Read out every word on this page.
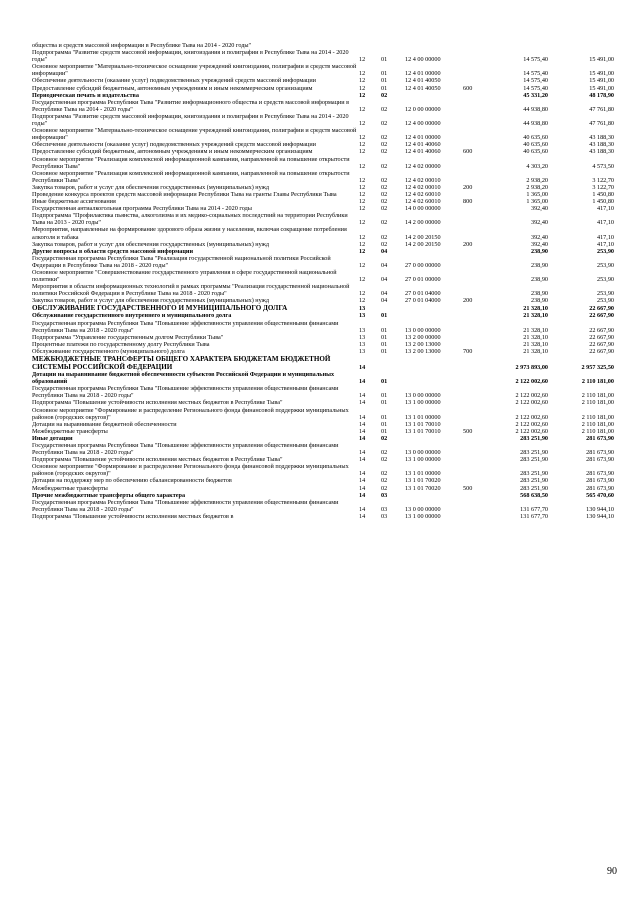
общества и средств массовой информации в Республике Тыва на 2014 - 2020 годы"						
Подпрограмма "Развитие средств массовой информации, книгоиздания и полиграфии в Республике Тыва на 2014 - 2020 годы"	12	01	12 4 00 00000		14 575,40	15 491,00
Основное мероприятие "Материально-техническое оснащение учреждений книгоиздания, полиграфии и средств массовой информации"	12	01	12 4 01 00000		14 575,40	15 491,00
Обеспечение деятельности (оказание услуг) подведомственных учреждений средств массовой информации	12	01	12 4 01 40050		14 575,40	15 491,00
Предоставление субсидий бюджетным, автономным учреждениям и иным некоммерческим организациям	12	01	12 4 01 40050	600	14 575,40	15 491,00
Периодическая печать и издательства	12	02			45 331,20	48 178,90
Государственная программа Республики Тыва "Развитие информационного общества и средств массовой информации в Республике Тыва на 2014 - 2020 годы"	12	02	12 0 00 00000		44 938,80	47 761,80
Подпрограмма "Развитие средств массовой информации, книгоиздания и полиграфии в Республике Тыва на 2014 - 2020 годы"	12	02	12 4 00 00000		44 938,80	47 761,80
Основное мероприятие "Материально-техническое оснащение учреждений книгоиздания, полиграфии и средств массовой информации"	12	02	12 4 01 00000		40 635,60	43 188,30
Обеспечение деятельности (оказание услуг) подведомственных учреждений средств массовой информации	12	02	12 4 01 40060		40 635,60	43 188,30
Предоставление субсидий бюджетным, автономным учреждениям и иным некоммерческим организациям	12	02	12 4 01 40060	600	40 635,60	43 188,30
Основное мероприятие "Реализация комплексной информационной кампании, направленной на повышение открытости Республики Тыва"	12	02	12 4 02 00000		4 303,20	4 573,50
Основное мероприятие "Реализация комплексной информационной кампании, направленной на повышение открытости Республики Тыва"	12	02	12 4 02 00010		2 938,20	3 122,70
Закупка товаров, работ и услуг для обеспечения государственных (муниципальных) нужд	12	02	12 4 02 00010	200	2 938,20	3 122,70
Проведение конкурса проектов средств массовой информации Республики Тыва на гранты Главы Республики Тыва	12	02	12 4 02 60010		1 365,00	1 450,80
Иные бюджетные ассигнования	12	02	12 4 02 60010	800	1 365,00	1 450,80
Государственная антиалкогольная программа Республики Тыва на 2014 - 2020 годы	12	02	14 0 00 00000		392,40	417,10
Подпрограмма "Профилактика пьянства, алкоголизма и их медико-социальных последствий на территории Республики Тыва на 2013 - 2020 годы"	12	02	14 2 00 00000		392,40	417,10
Мероприятия, направленные на формирование здорового образа жизни у населения, включая сокращение потребления алкоголя и табака	12	02	14 2 00 20150		392,40	417,10
Закупка товаров, работ и услуг для обеспечения государственных (муниципальных) нужд	12	02	14 2 00 20150	200	392,40	417,10
Другие вопросы в области средств массовой информации	12	04			238,90	253,90
Государственная программа Республики Тыва "Реализация государственной национальной политики Российской Федерации в Республике Тыва на 2018 - 2020 годы"	12	04	27 0 00 00000		238,90	253,90
Основное мероприятие "Совершенствование государственного управления в сфере государственной национальной политики"	12	04	27 0 01 00000		238,90	253,90
Мероприятия в области информационных технологий в рамках программы "Реализация государственной национальной политики Российской Федерации в Республике Тыва на 2018 - 2020 годы"	12	04	27 0 01 04000		238,90	253,90
Закупка товаров, работ и услуг для обеспечения государственных (муниципальных) нужд	12	04	27 0 01 04000	200	238,90	253,90
ОБСЛУЖИВАНИЕ ГОСУДАРСТВЕННОГО И МУНИЦИПАЛЬНОГО ДОЛГА	13				21 328,10	22 667,90
Обслуживание государственного внутреннего и муниципального долга	13	01			21 328,10	22 667,90
Государственная программа Республики Тыва "Повышение эффективности управления общественными финансами Республики Тыва на 2018 - 2020 годы"	13	01	13 0 00 00000		21 328,10	22 667,90
Подпрограмма "Управление государственным долгом Республики Тыва"	13	01	13 2 00 00000		21 328,10	22 667,90
Процентные платежи по государственному долгу Республики Тыва	13	01	13 2 00 13000		21 328,10	22 667,90
Обслуживание государственного (муниципального) долга	13	01	13 2 00 13000	700	21 328,10	22 667,90
МЕЖБЮДЖЕТНЫЕ ТРАНСФЕРТЫ ОБЩЕГО ХАРАКТЕРА БЮДЖЕТАМ БЮДЖЕТНОЙ СИСТЕМЫ РОССИЙСКОЙ ФЕДЕРАЦИИ	14				2 973 893,00	2 957 325,50
Дотации на выравнивание бюджетной обеспеченности субъектов Российской Федерации и муниципальных образований	14	01			2 122 002,60	2 110 181,00
Государственная программа Республики Тыва "Повышение эффективности управления общественными финансами Республики Тыва на 2018 - 2020 годы"	14	01	13 0 00 00000		2 122 002,60	2 110 181,00
Подпрограмма "Повышение устойчивости исполнения местных бюджетов в Республике Тыва"	14	01	13 1 00 00000		2 122 002,60	2 110 181,00
Основное мероприятие "Формирование и распределение Регионального фонда финансовой поддержки муниципальных районов (городских округов)"	14	01	13 1 01 00000		2 122 002,60	2 110 181,00
Дотации на выравнивание бюджетной обеспеченности	14	01	13 1 01 70010		2 122 002,60	2 110 181,00
Межбюджетные трансферты	14	01	13 1 01 70010	500	2 122 002,60	2 110 181,00
Иные дотации	14	02			283 251,90	281 673,90
Государственная программа Республики Тыва "Повышение эффективности управления общественными финансами Республики Тыва на 2018 - 2020 годы"	14	02	13 0 00 00000		283 251,90	281 673,90
Подпрограмма "Повышение устойчивости исполнения местных бюджетов в Республике Тыва"	14	02	13 1 00 00000		283 251,90	281 673,90
Основное мероприятие "Формирование и распределение Регионального фонда финансовой поддержки муниципальных районов (городских округов)"	14	02	13 1 01 00000		283 251,90	281 673,90
Дотации на поддержку мер по обеспечению сбалансированности бюджетов	14	02	13 1 01 70020		283 251,90	281 673,90
Межбюджетные трансферты	14	02	13 1 01 70020	500	283 251,90	281 673,90
Прочие межбюджетные трансферты общего характера	14	03			568 638,50	565 470,60
Государственная программа Республики Тыва "Повышение эффективности управления общественными финансами Республики Тыва на 2018 - 2020 годы"	14	03	13 0 00 00000		131 677,70	130 944,10
Подпрограмма "Повышение устойчивости исполнения местных бюджетов в	14	03	13 1 00 00000		131 677,70	130 944,10
90
